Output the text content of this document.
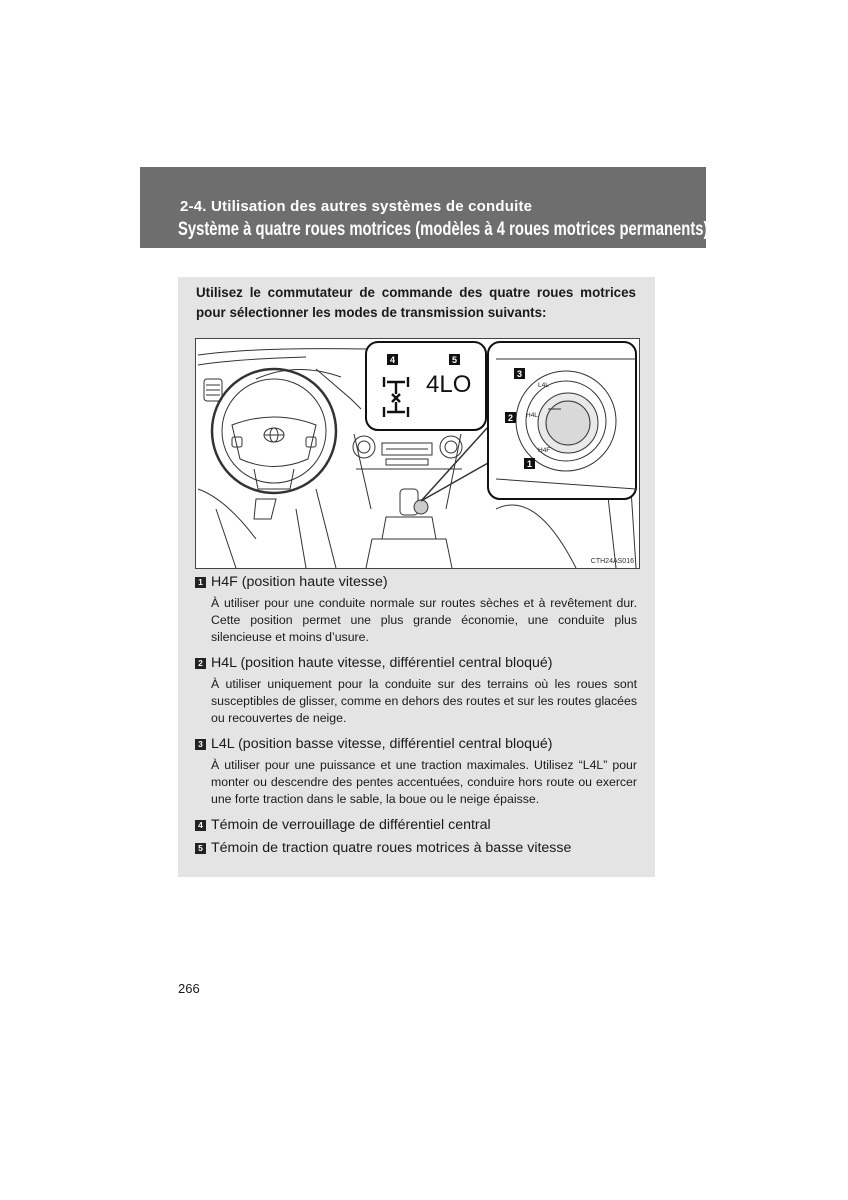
2-4. Utilisation des autres systèmes de conduite
Système à quatre roues motrices (modèles à 4 roues motrices permanents)
Utilisez le commutateur de commande des quatre roues motrices pour sélectionner les modes de transmission suivants:
4LO	L4L
H4L
H4F
4	5
3
2
1
CTH24AS016
1 H4F (position haute vitesse)
À utiliser pour une conduite normale sur routes sèches et à revêtement dur. Cette position permet une plus grande économie, une conduite plus silencieuse et moins d’usure.
2 H4L (position haute vitesse, différentiel central bloqué)
À utiliser uniquement pour la conduite sur des terrains où les roues sont susceptibles de glisser, comme en dehors des routes et sur les routes glacées ou recouvertes de neige.
3 L4L (position basse vitesse, différentiel central bloqué)
À utiliser pour une puissance et une traction maximales. Utilisez “L4L” pour monter ou descendre des pentes accentuées, conduire hors route ou exercer une forte traction dans le sable, la boue ou le neige épaisse.
4 Témoin de verrouillage de différentiel central
5 Témoin de traction quatre roues motrices à basse vitesse
266
